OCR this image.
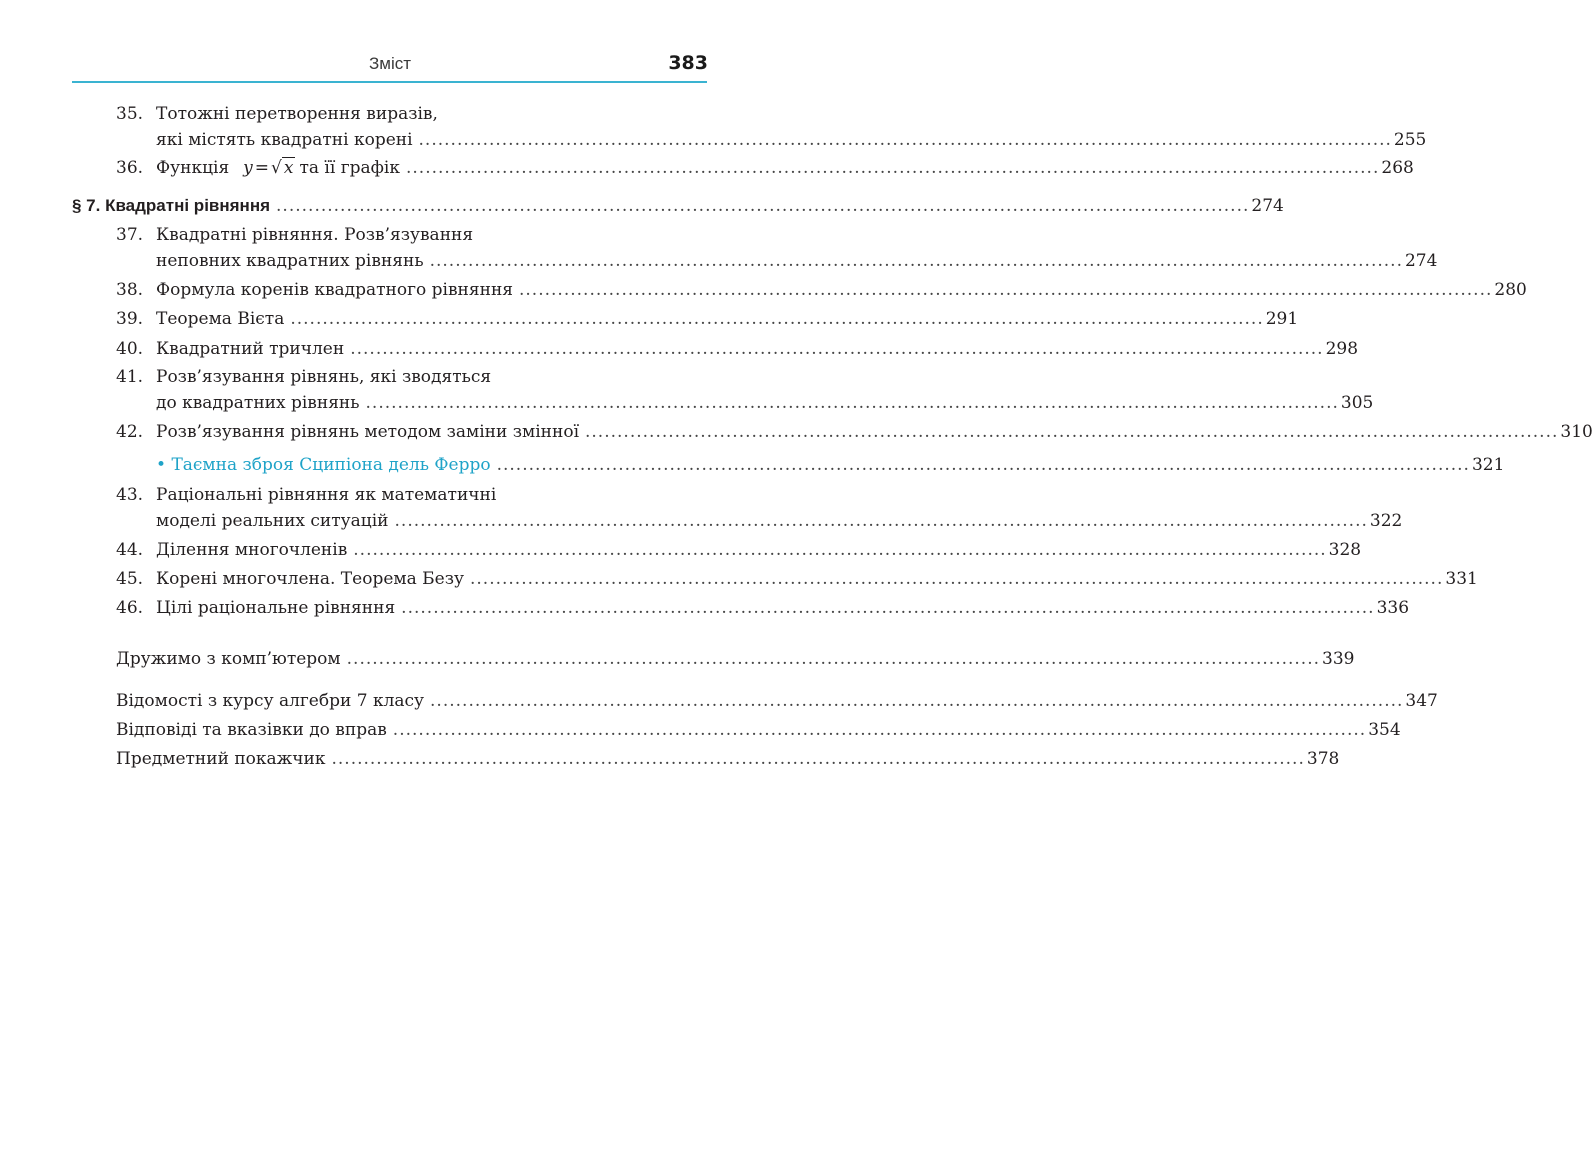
Зміст	383
35. Тотожні перетворення виразів,
які містять квадратні корені ........................................................................................................................................................ 255
36. Функція y = √ x та її графік ........................................................................................................................................................ 268
§ 7. Квадратні рівняння ........................................................................................................................................................ 274
37. Квадратні рівняння. Розв’язування
неповних квадратних рівнянь ........................................................................................................................................................ 274
38. Формула коренів квадратного рівняння ........................................................................................................................................................ 280
39. Теорема Вієта ........................................................................................................................................................ 291
40. Квадратний тричлен ........................................................................................................................................................ 298
41. Розв’язування рівнянь, які зводяться
до квадратних рівнянь ........................................................................................................................................................ 305
42. Розв’язування рівнянь методом заміни змінної ........................................................................................................................................................ 310
• Таємна зброя Сципіона дель Ферро ........................................................................................................................................................ 321
43. Раціональні рівняння як математичні
моделі реальних ситуацій ........................................................................................................................................................ 322
44. Ділення многочленів ........................................................................................................................................................ 328
45. Корені многочлена. Теорема Безу ........................................................................................................................................................ 331
46. Цілі раціональне рівняння ........................................................................................................................................................ 336
Дружимо з комп’ютером ........................................................................................................................................................ 339
Відомості з курсу алгебри 7 класу ........................................................................................................................................................ 347
Відповіді та вказівки до вправ ........................................................................................................................................................ 354
Предметний покажчик ........................................................................................................................................................ 378
